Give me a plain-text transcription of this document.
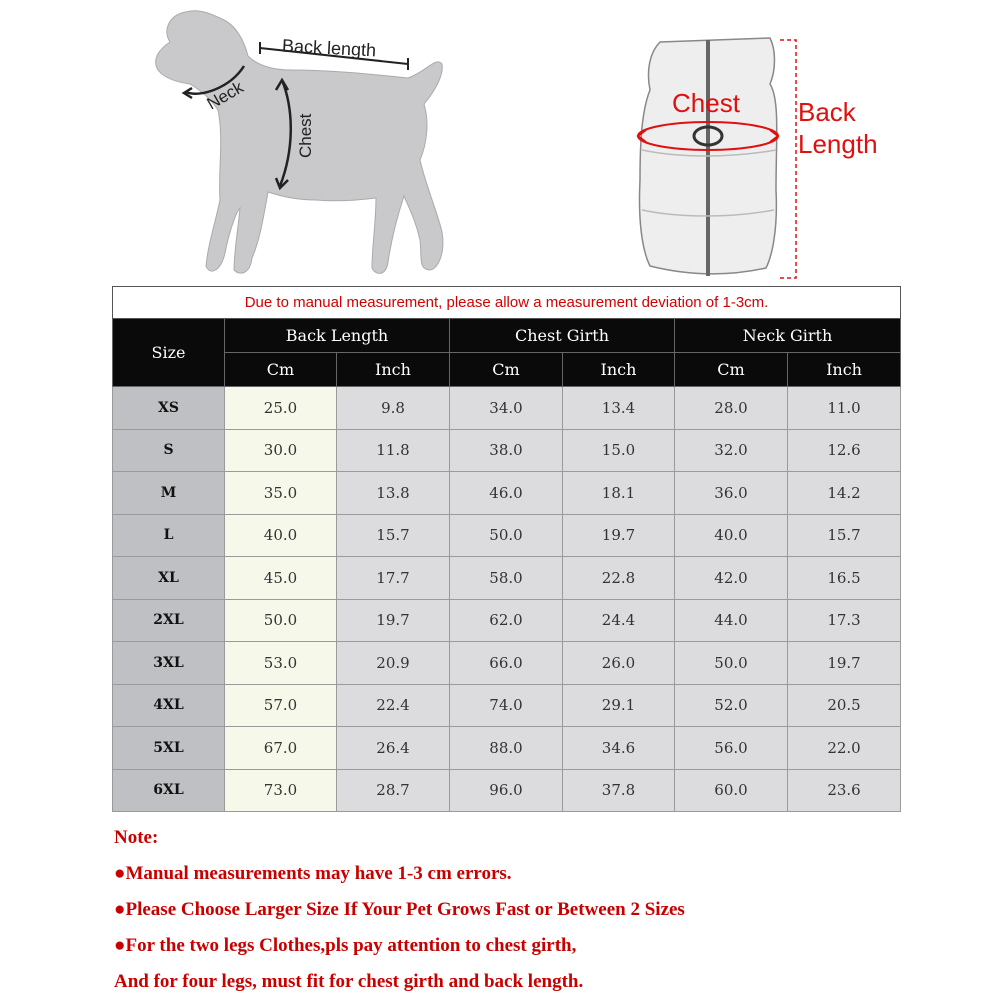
Back length
Neck
Chest
Chest Back
Length
Due to manual measurement, please allow a measurement deviation of 1-3cm.						
Size	Back Length		Chest Girth		Neck Girth	
	Cm	Inch	Cm	Inch	Cm	Inch
XS	25.0	9.8	34.0	13.4	28.0	11.0
S	30.0	11.8	38.0	15.0	32.0	12.6
M	35.0	13.8	46.0	18.1	36.0	14.2
L	40.0	15.7	50.0	19.7	40.0	15.7
XL	45.0	17.7	58.0	22.8	42.0	16.5
2XL	50.0	19.7	62.0	24.4	44.0	17.3
3XL	53.0	20.9	66.0	26.0	50.0	19.7
4XL	57.0	22.4	74.0	29.1	52.0	20.5
5XL	67.0	26.4	88.0	34.6	56.0	22.0
6XL	73.0	28.7	96.0	37.8	60.0	23.6
Note:
●Manual measurements may have 1-3 cm errors.
●Please Choose Larger Size If Your Pet Grows Fast or Between 2 Sizes
●For the two legs Clothes,pls pay attention to chest girth,
And for four legs, must fit for chest girth and back length.
